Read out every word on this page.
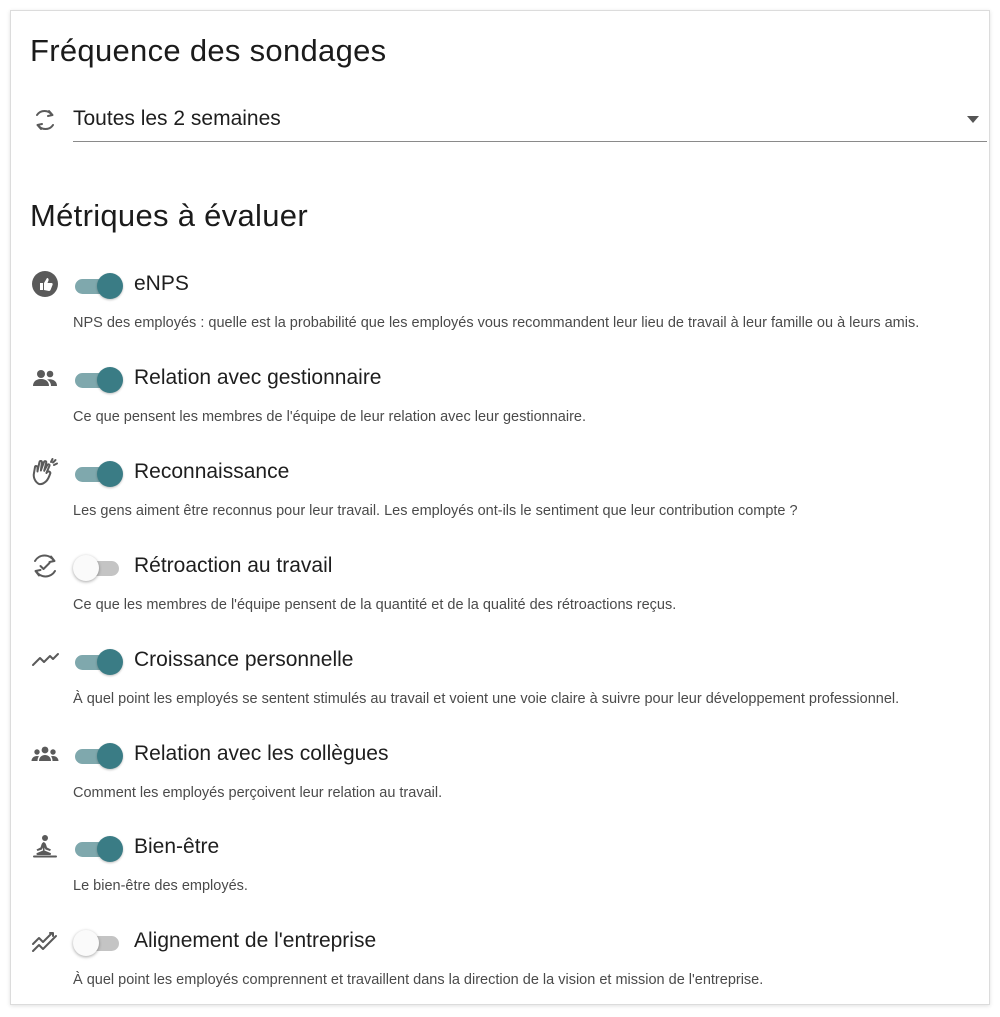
Fréquence des sondages
Toutes les 2 semaines
Métriques à évaluer
eNPS
NPS des employés : quelle est la probabilité que les employés vous recommandent leur lieu de travail à leur famille ou à leurs amis.
Relation avec gestionnaire
Ce que pensent les membres de l'équipe de leur relation avec leur gestionnaire.
Reconnaissance
Les gens aiment être reconnus pour leur travail. Les employés ont-ils le sentiment que leur contribution compte ?
Rétroaction au travail
Ce que les membres de l'équipe pensent de la quantité et de la qualité des rétroactions reçus.
Croissance personnelle
À quel point les employés se sentent stimulés au travail et voient une voie claire à suivre pour leur développement professionnel.
Relation avec les collègues
Comment les employés perçoivent leur relation au travail.
Bien-être
Le bien-être des employés.
Alignement de l'entreprise
À quel point les employés comprennent et travaillent dans la direction de la vision et mission de l'entreprise.
